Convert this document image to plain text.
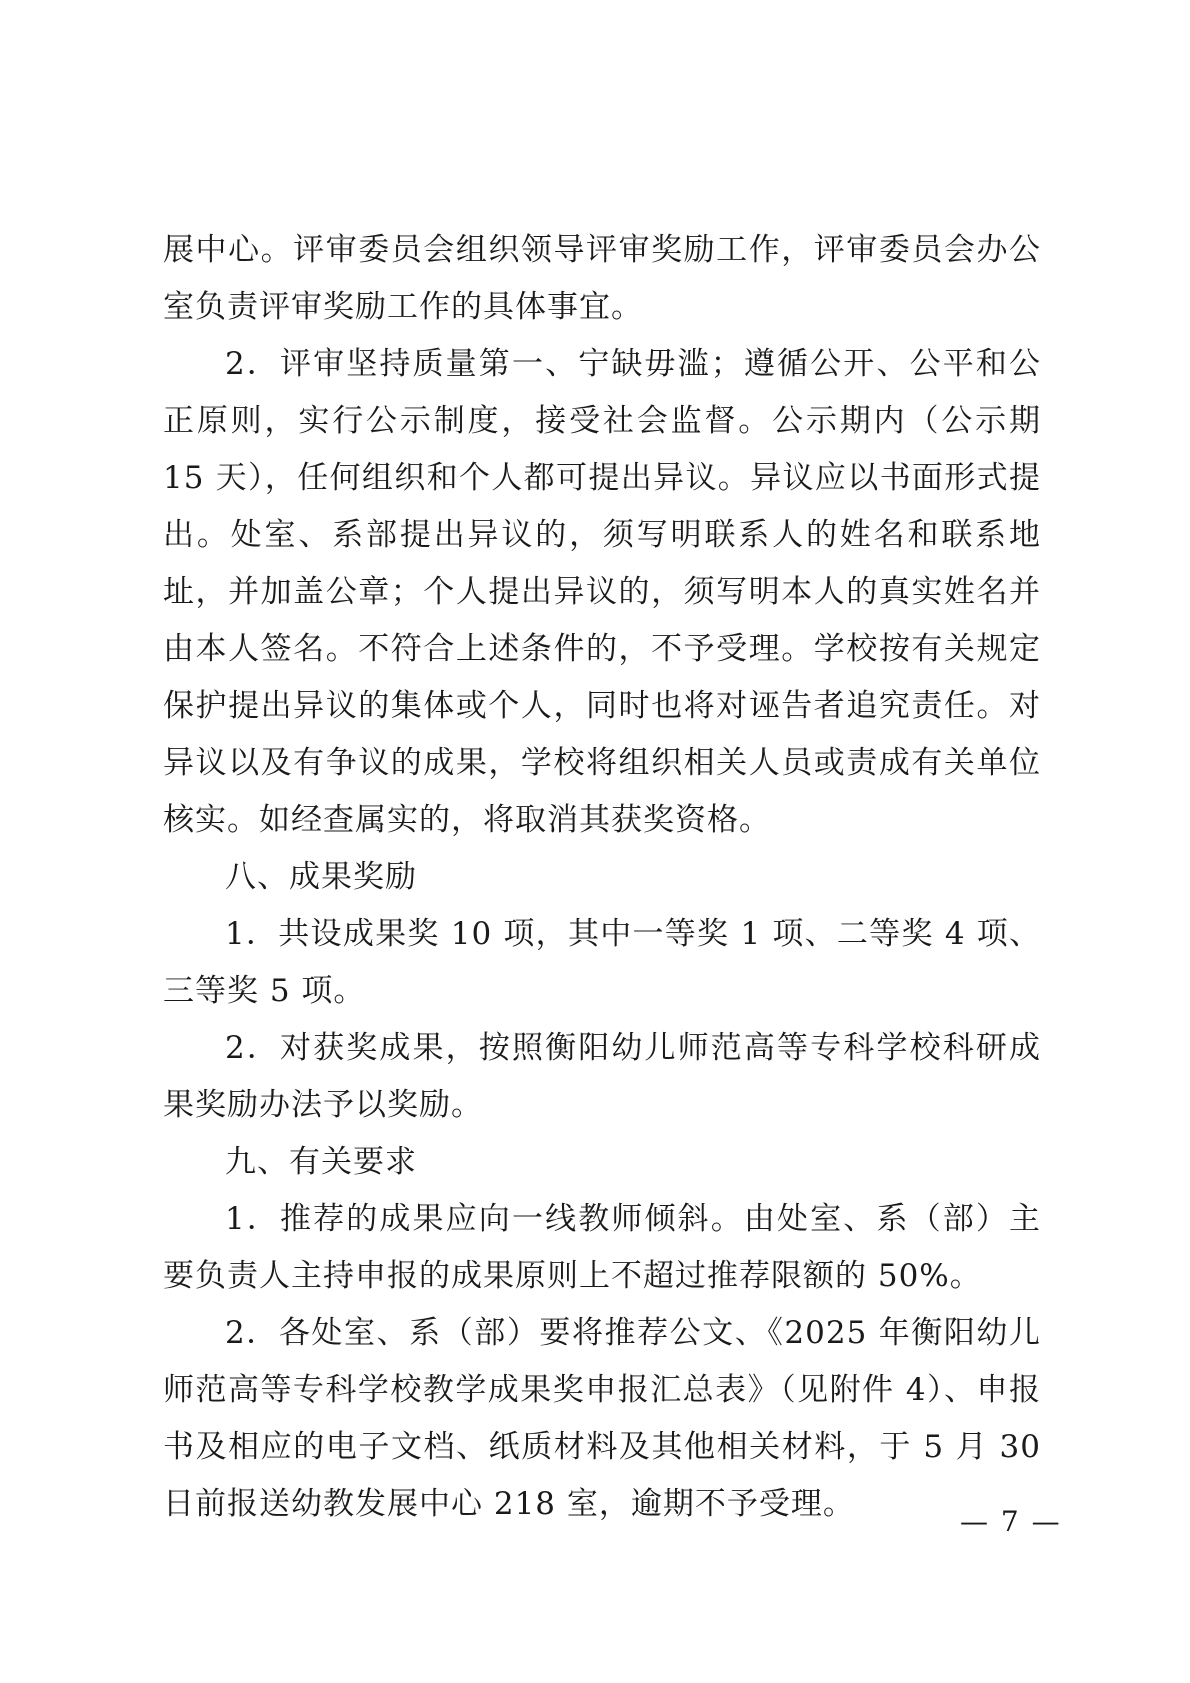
展中心。评审委员会组织领导评审奖励工作，评审委员会办公室负责评审奖励工作的具体事宜。

2．评审坚持质量第一、宁缺毋滥；遵循公开、公平和公正原则，实行公示制度，接受社会监督。公示期内（公示期 15 天），任何组织和个人都可提出异议。异议应以书面形式提出。处室、系部提出异议的，须写明联系人的姓名和联系地址，并加盖公章；个人提出异议的，须写明本人的真实姓名并由本人签名。不符合上述条件的，不予受理。学校按有关规定保护提出异议的集体或个人，同时也将对诬告者追究责任。对异议以及有争议的成果，学校将组织相关人员或责成有关单位核实。如经查属实的，将取消其获奖资格。

八、成果奖励

1．共设成果奖 10 项，其中一等奖 1 项、二等奖 4 项、三等奖 5 项。

2．对获奖成果，按照衡阳幼儿师范高等专科学校科研成果奖励办法予以奖励。

九、有关要求

1．推荐的成果应向一线教师倾斜。由处室、系（部）主要负责人主持申报的成果原则上不超过推荐限额的 50%。

2．各处室、系（部）要将推荐公文、《2025 年衡阳幼儿师范高等专科学校教学成果奖申报汇总表》（见附件 4）、申报书及相应的电子文档、纸质材料及其他相关材料，于 5 月 30 日前报送幼教发展中心 218 室，逾期不予受理。	— 7 —
